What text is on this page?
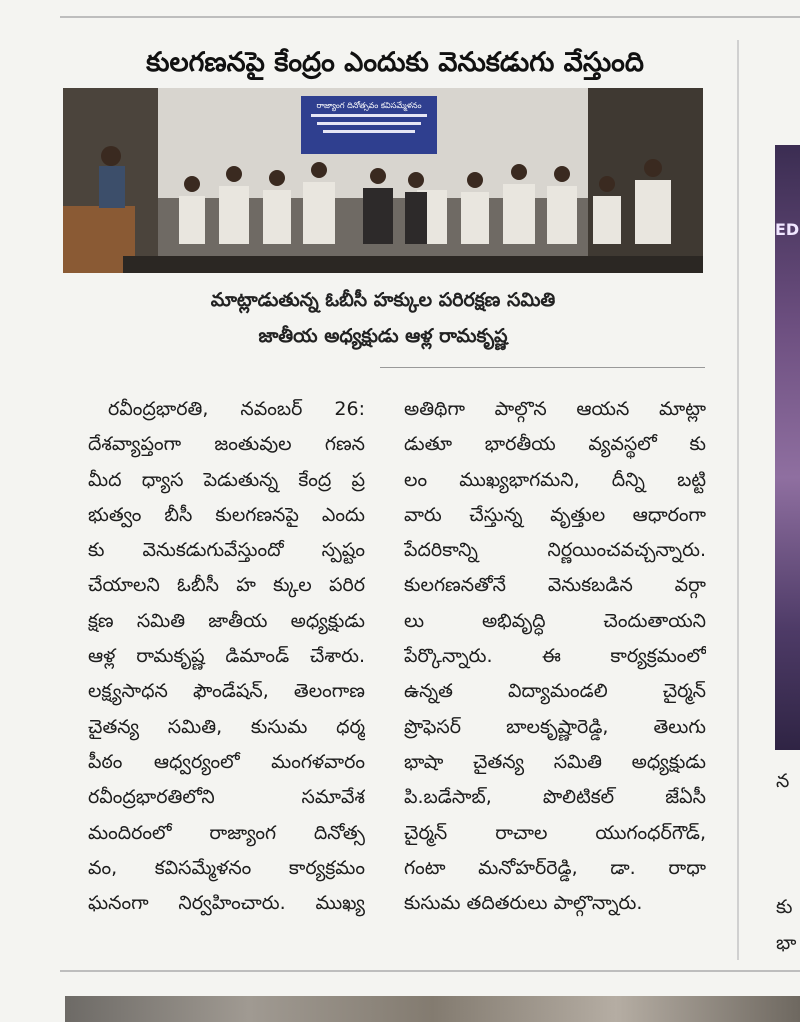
కులగణనపై కేంద్రం ఎందుకు వెనుకడుగు వేస్తుంది
రాజ్యాంగ దినోత్సవం కవిసమ్మేళనం
మాట్లాడుతున్న ఓబీసీ హక్కుల పరిరక్షణ సమితి
జాతీయ అధ్యక్షుడు ఆళ్ల రామకృష్ణ
రవీంద్రభారతి, నవంబర్ 26:
దేశవ్యాప్తంగా జంతువుల గణన
మీద ధ్యాస పెడుతున్న కేంద్ర ప్ర
భుత్వం బీసీ కులగణనపై ఎందు
కు వెనుకడుగువేస్తుందో స్పష్టం
చేయాలని ఓబీసీ హ క్కుల పరిర
క్షణ సమితి జాతీయ అధ్యక్షుడు
ఆళ్ల రామకృష్ణ డిమాండ్ చేశారు.
లక్ష్యసాధన ఫౌండేషన్, తెలంగాణ
చైతన్య సమితి, కుసుమ ధర్మ
పీఠం ఆధ్వర్యంలో మంగళవారం
రవీంద్రభారతిలోని సమావేశ
మందిరంలో రాజ్యాంగ దినోత్స
వం, కవిసమ్మేళనం కార్యక్రమం
ఘనంగా నిర్వహించారు. ముఖ్య
అతిథిగా పాల్గొన ఆయన మాట్లా
డుతూ భారతీయ వ్యవస్థలో కు
లం ముఖ్యభాగమని, దీన్ని బట్టి
వారు చేస్తున్న వృత్తుల ఆధారంగా
పేదరికాన్ని నిర్ణయించవచ్చన్నారు.
కులగణనతోనే వెనుకబడిన వర్గా
లు అభివృద్ధి చెందుతాయని
పేర్కొన్నారు. ఈ కార్యక్రమంలో
ఉన్నత విద్యామండలి చైర్మన్
ప్రొఫెసర్ బాలకృష్ణారెడ్డి, తెలుగు
భాషా చైతన్య సమితి అధ్యక్షుడు
పి.బడేసాబ్, పొలిటికల్ జేఏసీ
చైర్మన్ రాచాల యుగంధర్‌గౌడ్,
గంటా మనోహర్‌రెడ్డి, డా. రాధా
కుసుమ తదితరులు పాల్గొన్నారు.
ED
న
కు
భా
